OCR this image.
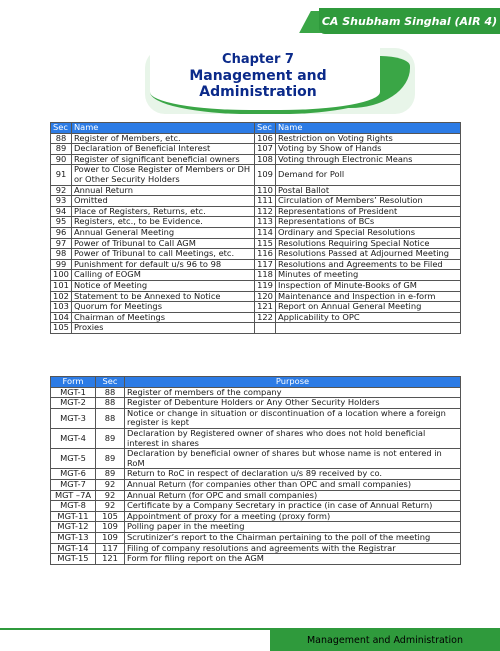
CA Shubham Singhal (AIR 4)
Chapter 7
Management and
Administration
Sec	Name	Sec	Name
88	Register of Members, etc.	106	Restriction on Voting Rights
89	Declaration of Beneficial Interest	107	Voting by Show of Hands
90	Register of significant beneficial owners	108	Voting through Electronic Means
91	Power to Close Register of Members or DH or Other Security Holders	109	Demand for Poll
92	Annual Return	110	Postal Ballot
93	Omitted	111	Circulation of Members’ Resolution
94	Place of Registers, Returns, etc.	112	Representations of President
95	Registers, etc., to be Evidence.	113	Representations of BCs
96	Annual General Meeting	114	Ordinary and Special Resolutions
97	Power of Tribunal to Call AGM	115	Resolutions Requiring Special Notice
98	Power of Tribunal to call Meetings, etc.	116	Resolutions Passed at Adjourned Meeting
99	Punishment for default u/s 96 to 98	117	Resolutions and Agreements to be Filed
100	Calling of EOGM	118	Minutes of meeting
101	Notice of Meeting	119	Inspection of Minute-Books of GM
102	Statement to be Annexed to Notice	120	Maintenance and Inspection in e-form
103	Quorum for Meetings	121	Report on Annual General Meeting
104	Chairman of Meetings	122	Applicability to OPC
105	Proxies		
Form	Sec	Purpose
MGT-1	88	Register of members of the company
MGT-2	88	Register of Debenture Holders or Any Other Security Holders
MGT-3	88	Notice or change in situation or discontinuation of a location where a foreign register is kept
MGT-4	89	Declaration by Registered owner of shares who does not hold beneficial interest in shares
MGT-5	89	Declaration by beneficial owner of shares but whose name is not entered in RoM
MGT-6	89	Return to RoC in respect of declaration u/s 89 received by co.
MGT-7	92	Annual Return (for companies other than OPC and small companies)
MGT –7A	92	Annual Return (for OPC and small companies)
MGT-8	92	Certificate by a Company Secretary in practice (in case of Annual Return)
MGT-11	105	Appointment of proxy for a meeting (proxy form)
MGT-12	109	Polling paper in the meeting
MGT-13	109	Scrutinizer’s report to the Chairman pertaining to the poll of the meeting
MGT-14	117	Filing of company resolutions and agreements with the Registrar
MGT-15	121	Form for filing report on the AGM
Management and Administration
